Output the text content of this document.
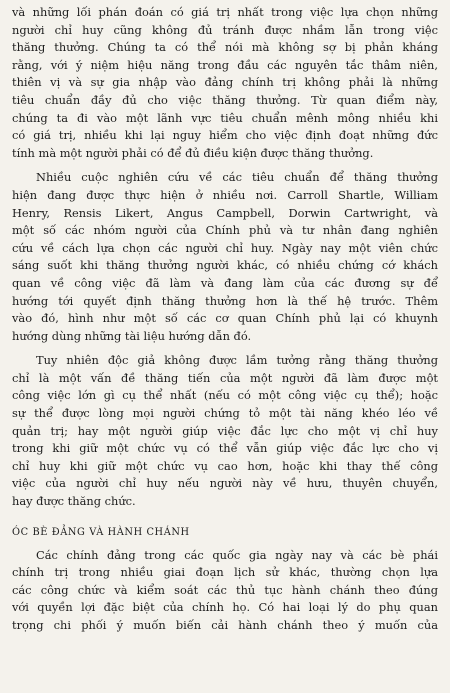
và những lối phán đoán có giá trị nhất trong việc lựa chọn những
người chỉ huy cũng không đủ tránh được nhầm lẫn trong việc
thăng thưởng. Chúng ta có thể nói mà không sợ bị phản kháng
rằng, với ý niệm hiệu năng trong đầu các nguyên tắc thâm niên,
thiên vị và sự gia nhập vào đảng chính trị không phải là những
tiêu chuẩn đầy đủ cho việc thăng thưởng. Từ quan điểm này,
chúng ta đi vào một lãnh vực tiêu chuẩn mênh mông nhiều khi
có giá trị, nhiều khi lại nguy hiểm cho việc định đoạt những đức
tính mà một người phải có để đủ điều kiện được thăng thưởng.
Nhiều cuộc nghiên cứu về các tiêu chuẩn để thăng thưởng
hiện đang được thực hiện ở nhiều nơi. Carroll Shartle, William
Henry, Rensis Likert, Angus Campbell, Dorwin Cartwright, và
một số các nhóm người của Chính phủ và tư nhân đang nghiên
cứu về cách lựa chọn các người chỉ huy. Ngày nay một viên chức
sáng suốt khi thăng thưởng người khác, có nhiều chứng cớ khách
quan về công việc đã làm và đang làm của các đương sự để
hướng tới quyết định thăng thưởng hơn là thế hệ trước. Thêm
vào đó, hình như một số các cơ quan Chính phủ lại có khuynh
hướng dùng những tài liệu hướng dẫn đó.
Tuy nhiên độc giả không được lầm tưởng rằng thăng thưởng
chỉ là một vấn đề thăng tiến của một người đã làm được một
công việc lớn gì cụ thể nhất (nếu có một công việc cụ thể); hoặc
sự thể được lòng mọi người chứng tỏ một tài năng khéo léo về
quản trị; hay một người giúp việc đắc lực cho một vị chỉ huy
trong khi giữ một chức vụ có thể vẫn giúp việc đắc lực cho vị
chỉ huy khi giữ một chức vụ cao hơn, hoặc khi thay thế công
việc của người chỉ huy nếu người này về hưu, thuyên chuyển,
hay được thăng chức.
ÓC BÈ ĐẢNG VÀ HÀNH CHÁNH
Các chính đảng trong các quốc gia ngày nay và các bè phái
chính trị trong nhiều giai đoạn lịch sử khác, thường chọn lựa
các công chức và kiểm soát các thủ tục hành chánh theo đúng
với quyền lợi đặc biệt của chính họ. Có hai loại lý do phụ quan
trọng chi phối ý muốn biến cải hành chánh theo ý muốn của
